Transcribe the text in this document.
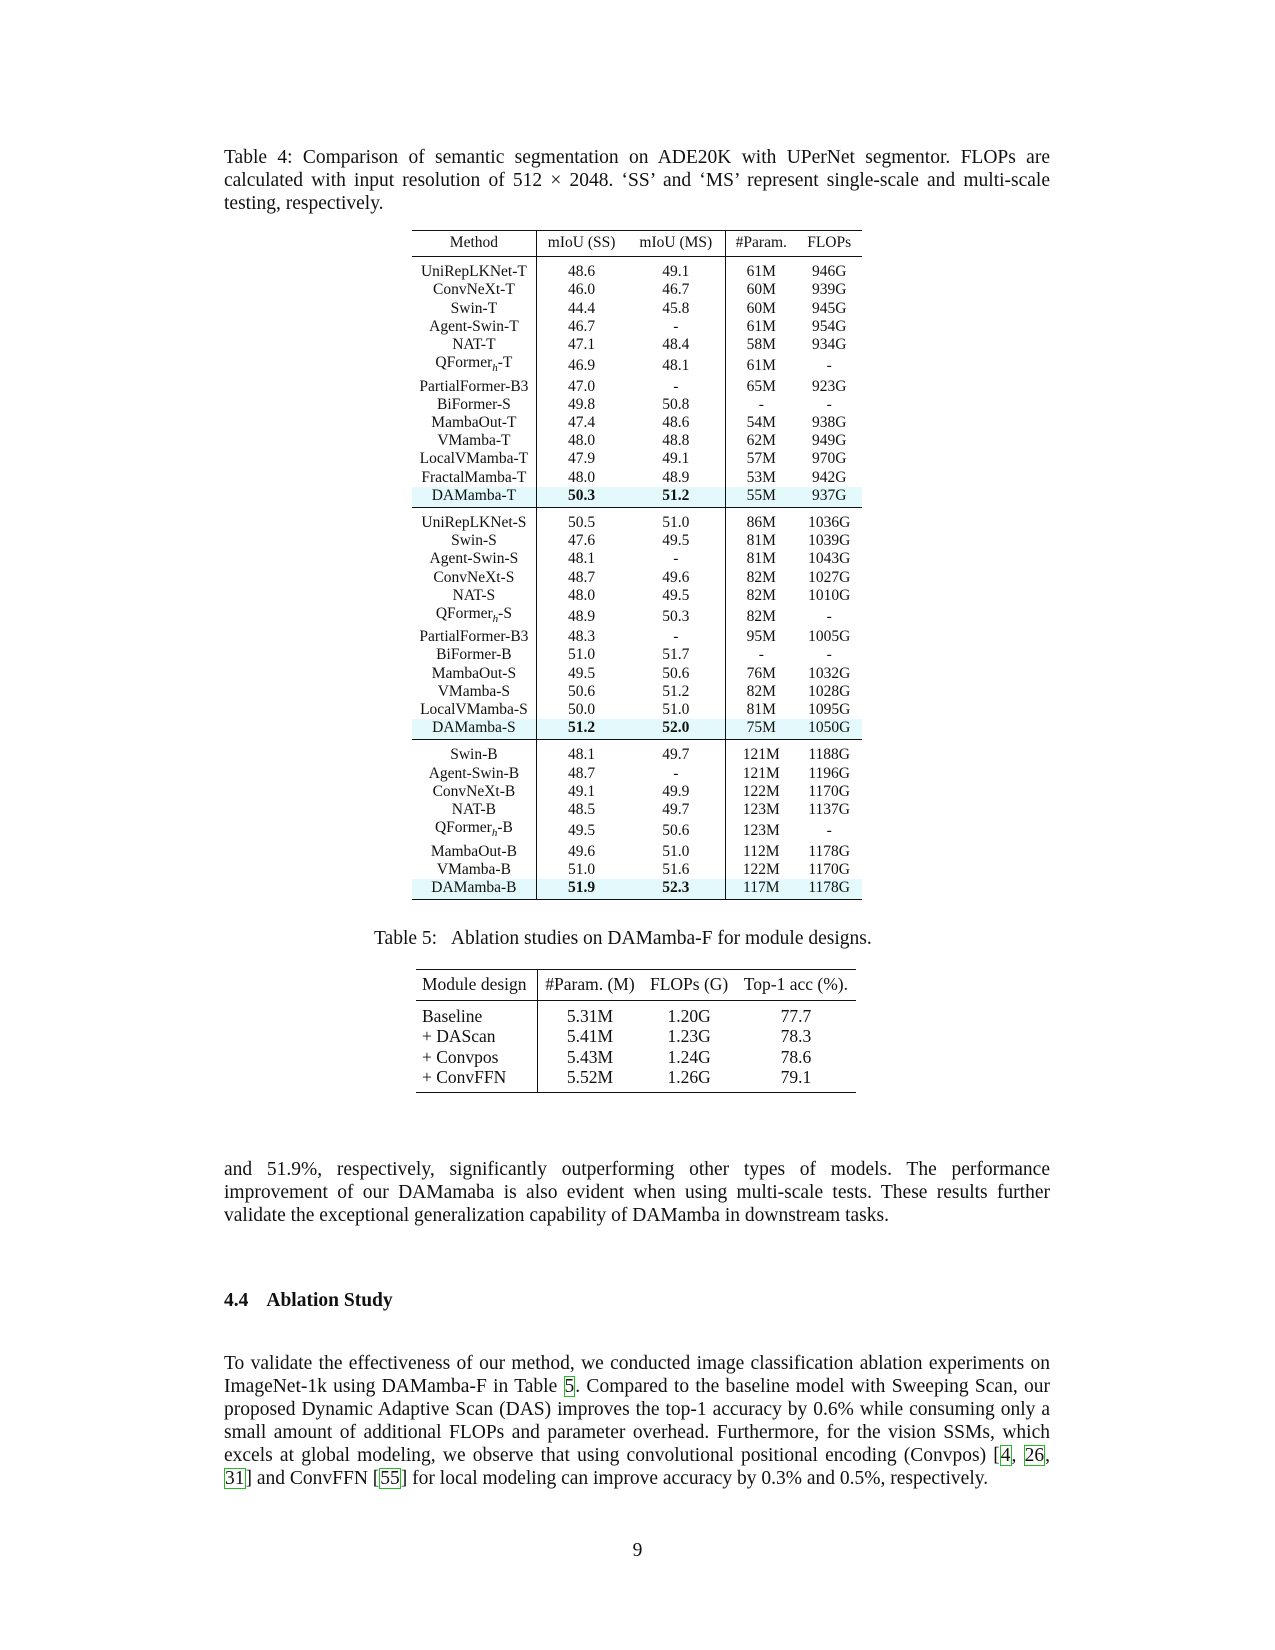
Table 4: Comparison of semantic segmentation on ADE20K with UPerNet segmentor. FLOPs are calculated with input resolution of 512 × 2048. ‘SS’ and ‘MS’ represent single-scale and multi-scale testing, respectively.
Method	mIoU (SS)	mIoU (MS)	#Param.	FLOPs
UniRepLKNet-T	48.6	49.1	61M	946G
ConvNeXt-T	46.0	46.7	60M	939G
Swin-T	44.4	45.8	60M	945G
Agent-Swin-T	46.7	-	61M	954G
NAT-T	47.1	48.4	58M	934G
QFormer$_h$-T	46.9	48.1	61M	-
PartialFormer-B3	47.0	-	65M	923G
BiFormer-S	49.8	50.8	-	-
MambaOut-T	47.4	48.6	54M	938G
VMamba-T	48.0	48.8	62M	949G
LocalVMamba-T	47.9	49.1	57M	970G
FractalMamba-T	48.0	48.9	53M	942G
DAMamba-T	50.3	51.2	55M	937G
UniRepLKNet-S	50.5	51.0	86M	1036G
Swin-S	47.6	49.5	81M	1039G
Agent-Swin-S	48.1	-	81M	1043G
ConvNeXt-S	48.7	49.6	82M	1027G
NAT-S	48.0	49.5	82M	1010G
QFormer$_h$-S	48.9	50.3	82M	-
PartialFormer-B3	48.3	-	95M	1005G
BiFormer-B	51.0	51.7	-	-
MambaOut-S	49.5	50.6	76M	1032G
VMamba-S	50.6	51.2	82M	1028G
LocalVMamba-S	50.0	51.0	81M	1095G
DAMamba-S	51.2	52.0	75M	1050G
Swin-B	48.1	49.7	121M	1188G
Agent-Swin-B	48.7	-	121M	1196G
ConvNeXt-B	49.1	49.9	122M	1170G
NAT-B	48.5	49.7	123M	1137G
QFormer$_h$-B	49.5	50.6	123M	-
MambaOut-B	49.6	51.0	112M	1178G
VMamba-B	51.0	51.6	122M	1170G
DAMamba-B	51.9	52.3	117M	1178G
Table 5: Ablation studies on DAMamba-F for module designs.
Module design	#Param. (M)	FLOPs (G)	Top-1 acc (%).
Baseline	5.31M	1.20G	77.7
+ DAScan	5.41M	1.23G	78.3
+ Convpos	5.43M	1.24G	78.6
+ ConvFFN	5.52M	1.26G	79.1

and 51.9%, respectively, significantly outperforming other types of models. The performance improvement of our DAMamaba is also evident when using multi-scale tests. These results further validate the exceptional generalization capability of DAMamba in downstream tasks.

4.4 Ablation Study

To validate the effectiveness of our method, we conducted image classification ablation experiments on ImageNet-1k using DAMamba-F in Table 5. Compared to the baseline model with Sweeping Scan, our proposed Dynamic Adaptive Scan (DAS) improves the top-1 accuracy by 0.6% while consuming only a small amount of additional FLOPs and parameter overhead. Furthermore, for the vision SSMs, which excels at global modeling, we observe that using convolutional positional encoding (Convpos) [4, 26, 31] and ConvFFN [55] for local modeling can improve accuracy by 0.3% and 0.5%, respectively.

9
